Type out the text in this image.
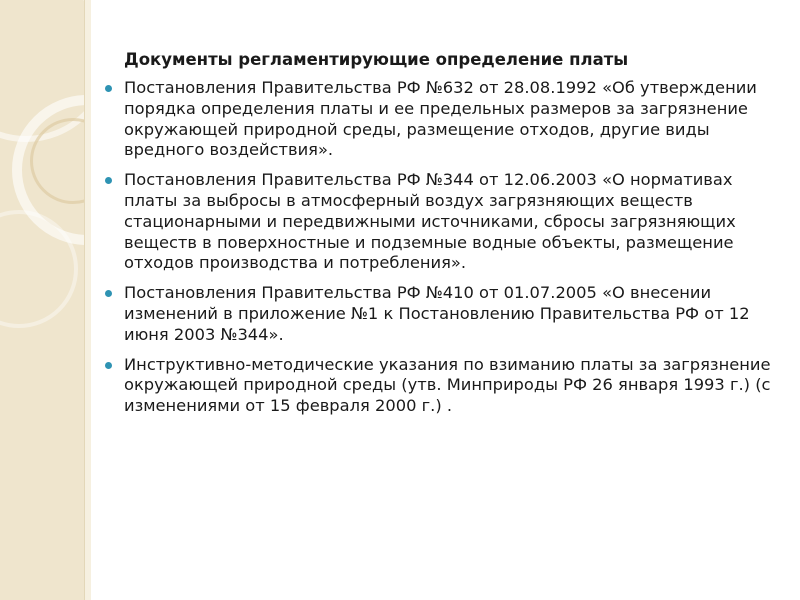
Документы регламентирующие определение платы
Постановления Правительства РФ №632 от 28.08.1992 «Об утверждении порядка определения платы и ее предельных размеров за загрязнение окружающей природной среды, размещение отходов, другие виды вредного воздействия».
Постановления Правительства РФ №344 от 12.06.2003 «О нормативах платы за выбросы в атмосферный воздух загрязняющих веществ стационарными и передвижными источниками, сбросы загрязняющих веществ в поверхностные и подземные водные объекты, размещение отходов производства и потребления».
Постановления Правительства РФ №410 от 01.07.2005 «О внесении изменений в приложение №1 к Постановлению Правительства РФ от 12 июня 2003 №344».
Инструктивно-методические указания по взиманию платы за загрязнение окружающей природной среды (утв. Минприроды РФ 26 января 1993 г.) (с изменениями от 15 февраля 2000 г.) .
